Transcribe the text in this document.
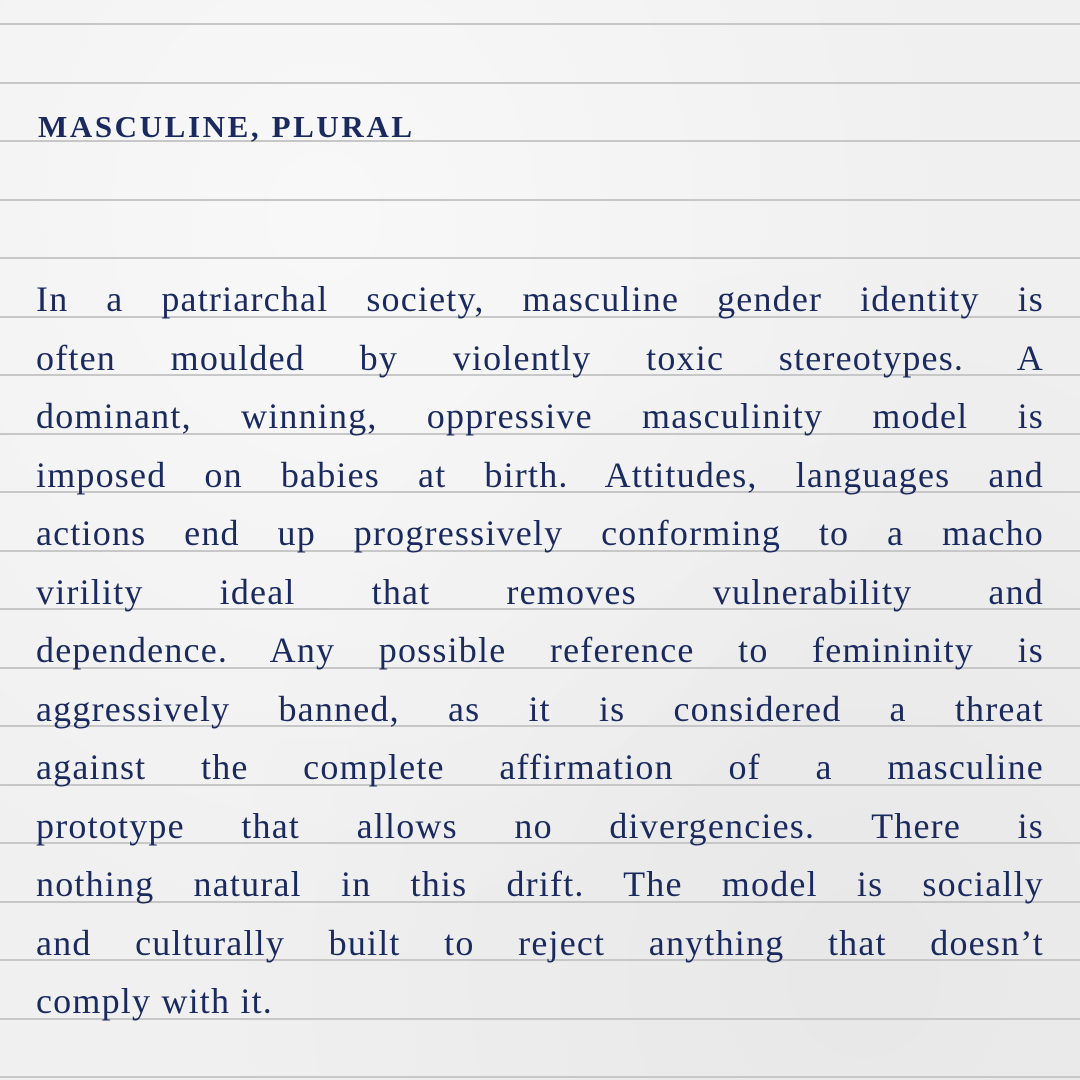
MASCULINE, PLURAL
In a patriarchal society, masculine gender identity is
often moulded by violently toxic stereotypes. A
dominant, winning, oppressive masculinity model is
imposed on babies at birth. Attitudes, languages and
actions end up progressively conforming to a macho
virility ideal that removes vulnerability and
dependence. Any possible reference to femininity is
aggressively banned, as it is considered a threat
against the complete affirmation of a masculine
prototype that allows no divergencies. There is
nothing natural in this drift. The model is socially
and culturally built to reject anything that doesn’t
comply with it.
